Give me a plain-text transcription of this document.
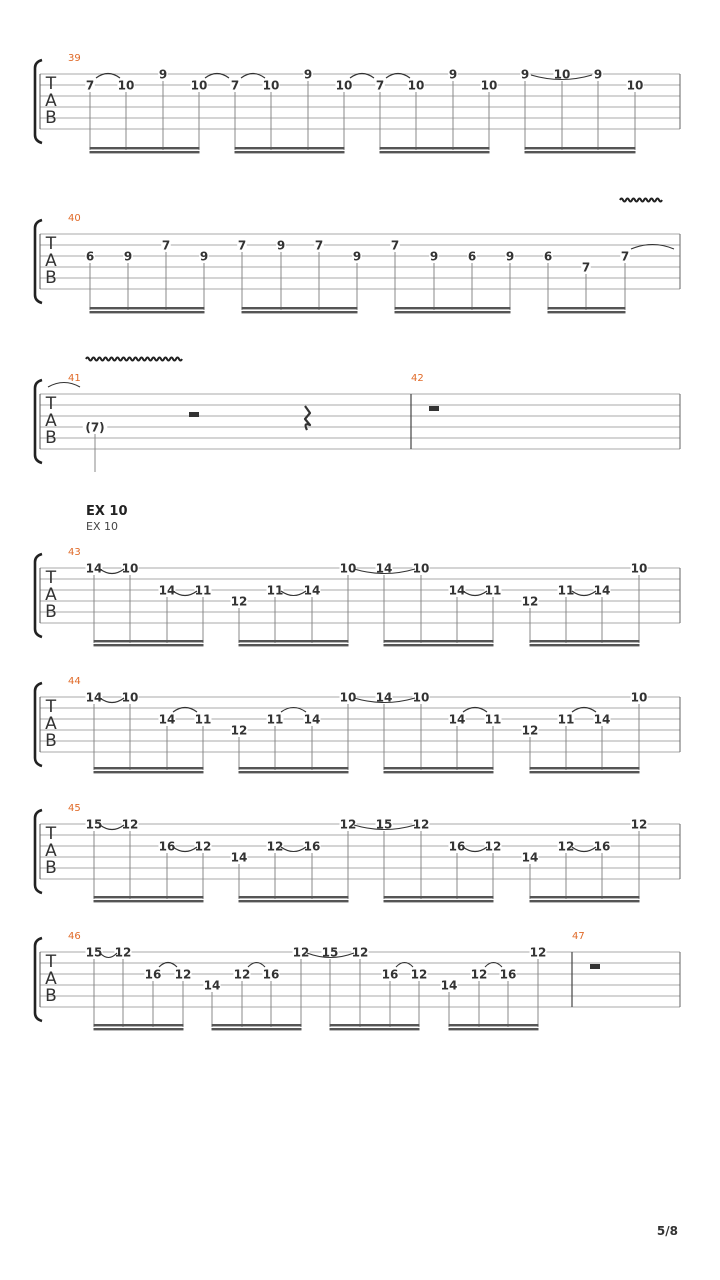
T
A
B
39
7 10
9
10 7 10
9
10 7 10
9
10
9 10 9
10
T
A
B
40
6 9
7
9
7	9 7
9
7
9 6 9 6
7
7
T
A
B
41	42
(7)
T
A
B
43
14 10
14 11
12
11 14
10 14 10
14 11
12
11 14
10
T
A
B
44
14 10
14 11
12
11 14
10 14 10
14 11
12
11 14
10
T
A
B
45
15 12
16 12
14
12 16
12 15 12
16 12
14
12 16
12
T
A
B
46	47
15 12
16 12
14
12 16
12 15 12
16 12
14
12 16
12
EX 10
EX 10
5/8
